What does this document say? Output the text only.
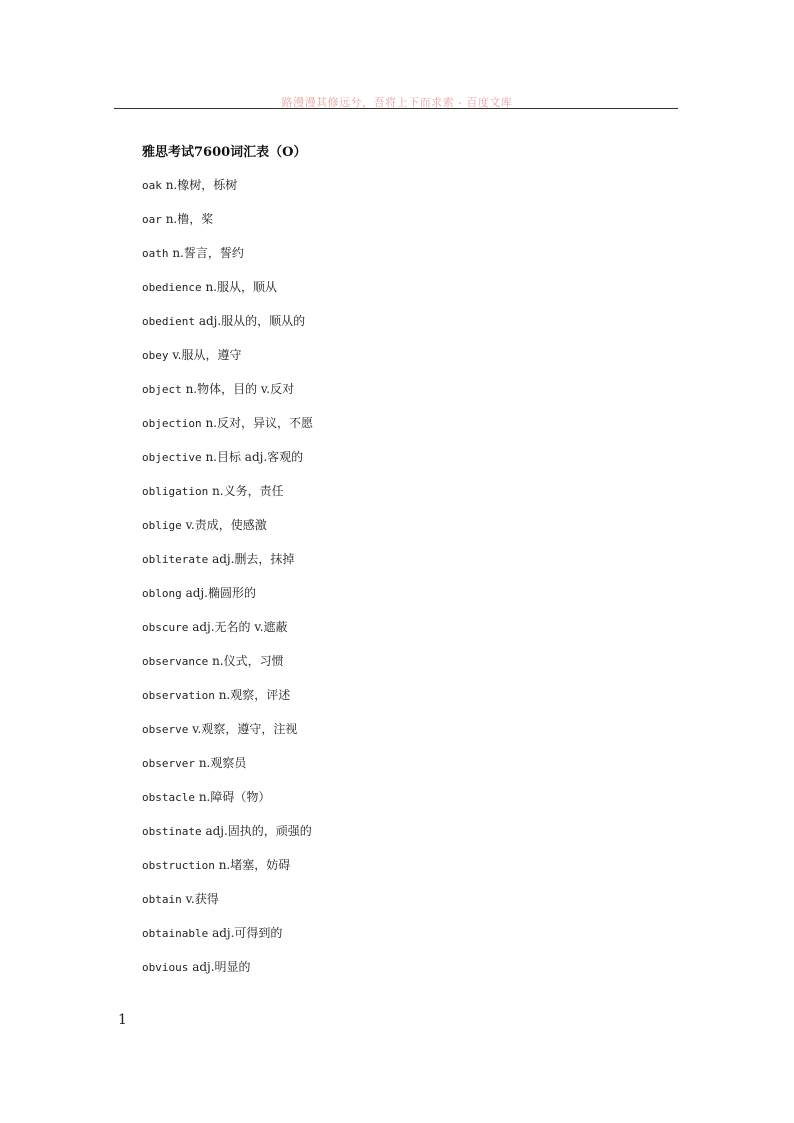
路漫漫其修远兮，吾将上下而求索 - 百度文库
雅思考试7600词汇表（O）
oak n.橡树，栎树
oar n.橹，桨
oath n.誓言，誓约
obedience n.服从，顺从
obedient adj.服从的，顺从的
obey v.服从，遵守
object n.物体，目的 v.反对
objection n.反对，异议，不愿
objective n.目标 adj.客观的
obligation n.义务，责任
oblige v.责成，使感激
obliterate adj.删去，抹掉
oblong adj.椭圆形的
obscure adj.无名的 v.遮蔽
observance n.仪式，习惯
observation n.观察，评述
observe v.观察，遵守，注视
observer n.观察员
obstacle n.障碍（物）
obstinate adj.固执的，顽强的
obstruction n.堵塞，妨碍
obtain v.获得
obtainable adj.可得到的
obvious adj.明显的
1
